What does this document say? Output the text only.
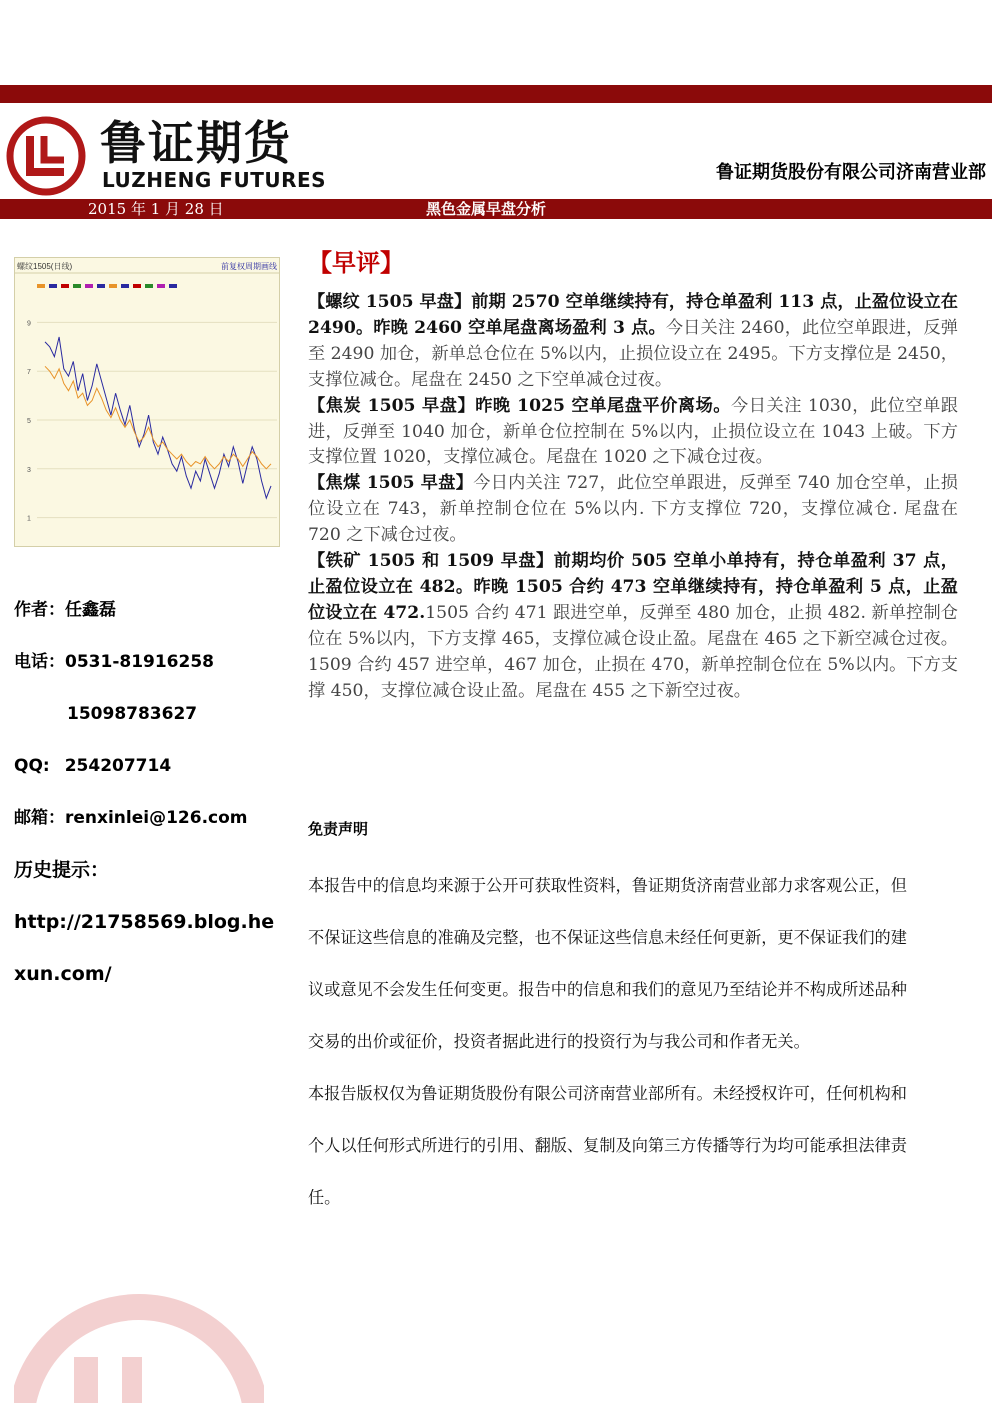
鲁证期货
LUZHENG FUTURES	鲁证期货股份有限公司济南营业部
2015 年 1 月 28 日	黑色金属早盘分析
螺纹1505(日线)	前复权 周期 画线
9
7
5
3
1
作者：任鑫磊
电话：0531-81916258
15098783627
QQ: 254207714
邮箱：renxinlei@126.com
历史提示：
http://21758569.blog.he
xun.com/
【早评】

【螺纹 1505 早盘】前期 2570 空单继续持有，持仓单盈利 113 点，止盈位设立在 2490。昨晚 2460 空单尾盘离场盈利 3 点。今日关注 2460，此位空单跟进，反弹至 2490 加仓，新单总仓位在 5%以内，止损位设立在 2495。下方支撑位是 2450，支撑位减仓。尾盘在 2450 之下空单减仓过夜。

【焦炭 1505 早盘】昨晚 1025 空单尾盘平价离场。今日关注 1030，此位空单跟进，反弹至 1040 加仓，新单仓位控制在 5%以内，止损位设立在 1043 上破。下方支撑位置 1020，支撑位减仓。尾盘在 1020 之下减仓过夜。

【焦煤 1505 早盘】今日内关注 727，此位空单跟进，反弹至 740 加仓空单，止损位设立在 743，新单控制仓位在 5%以内. 下方支撑位 720，支撑位减仓. 尾盘在 720 之下减仓过夜。

【铁矿 1505 和 1509 早盘】前期均价 505 空单小单持有，持仓单盈利 37 点，止盈位设立在 482。昨晚 1505 合约 473 空单继续持有，持仓单盈利 5 点，止盈位设立在 472.1505 合约 471 跟进空单，反弹至 480 加仓，止损 482. 新单控制仓位在 5%以内，下方支撑 465，支撑位减仓设止盈。尾盘在 465 之下新空减仓过夜。1509 合约 457 进空单，467 加仓，止损在 470，新单控制仓位在 5%以内。下方支撑 450，支撑位减仓设止盈。尾盘在 455 之下新空过夜。

免责声明

本报告中的信息均来源于公开可获取性资料，鲁证期货济南营业部力求客观公正，但

不保证这些信息的准确及完整，也不保证这些信息未经任何更新，更不保证我们的建

议或意见不会发生任何变更。报告中的信息和我们的意见乃至结论并不构成所述品种

交易的出价或征价，投资者据此进行的投资行为与我公司和作者无关。

本报告版权仅为鲁证期货股份有限公司济南营业部所有。未经授权许可，任何机构和

个人以任何形式所进行的引用、翻版、复制及向第三方传播等行为均可能承担法律责

任。
